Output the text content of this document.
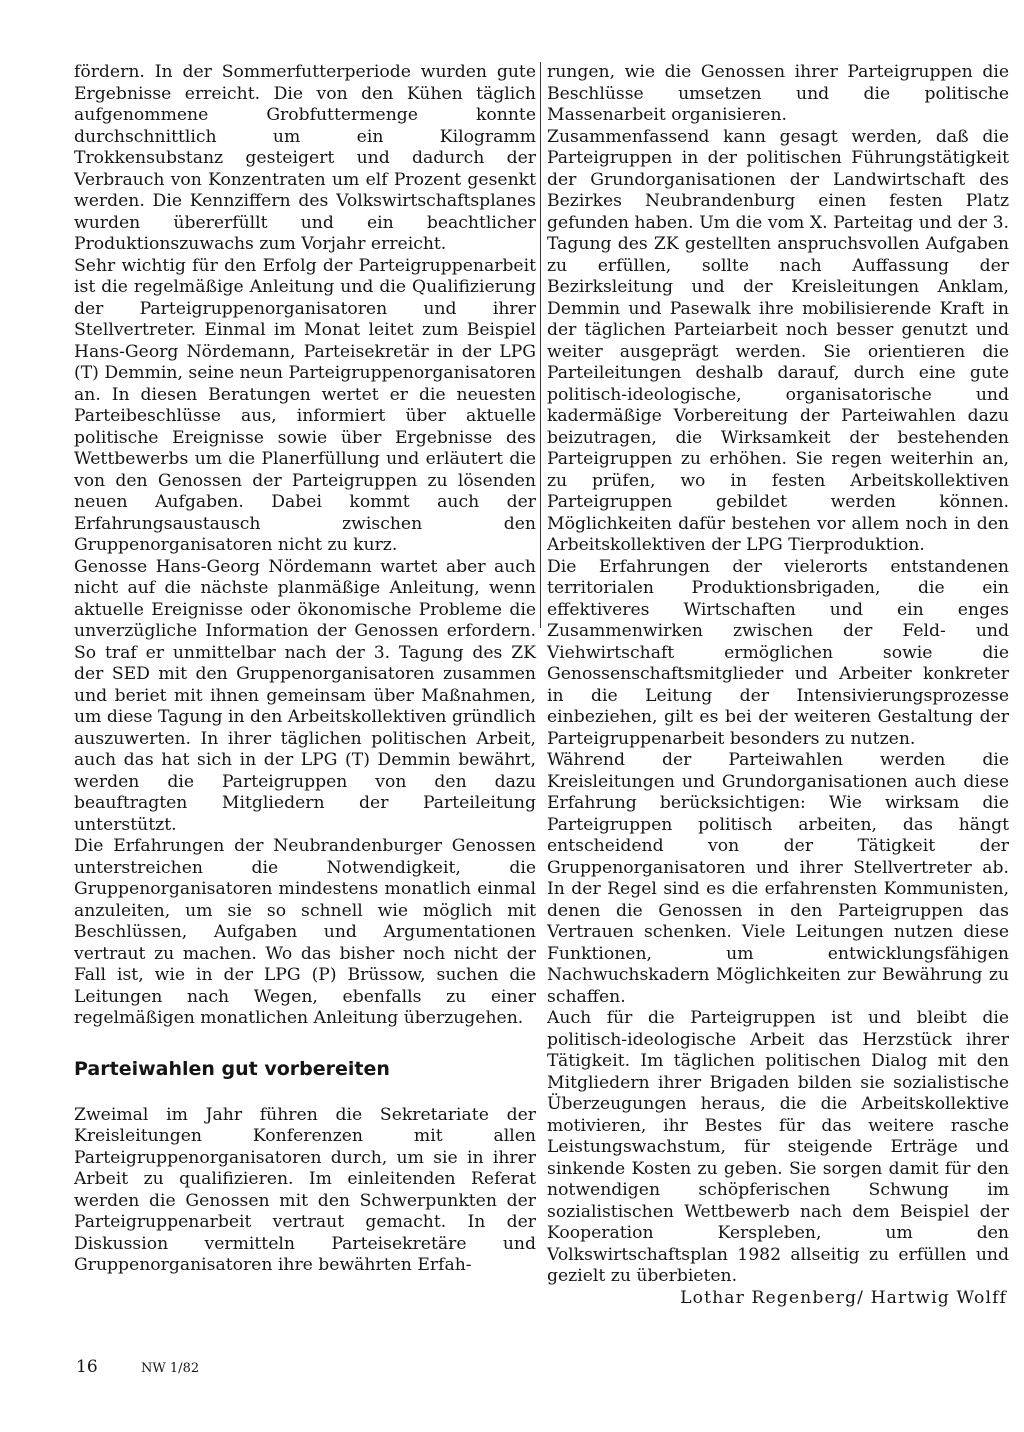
fördern. In der Sommerfutterperiode wurden gute Ergebnisse erreicht. Die von den Kühen täglich aufgenommene Grobfuttermenge konnte durchschnittlich um ein Kilogramm Trokkensubstanz gesteigert und dadurch der Verbrauch von Konzentraten um elf Prozent gesenkt werden. Die Kennziffern des Volkswirtschaftsplanes wurden übererfüllt und ein beachtlicher Produktionszuwachs zum Vorjahr erreicht.

Sehr wichtig für den Erfolg der Parteigruppenarbeit ist die regelmäßige Anleitung und die Qualifizierung der Parteigruppenorganisatoren und ihrer Stellvertreter. Einmal im Monat leitet zum Beispiel Hans-Georg Nördemann, Parteisekretär in der LPG (T) Demmin, seine neun Parteigruppenorganisatoren an. In diesen Beratungen wertet er die neuesten Parteibeschlüsse aus, informiert über aktuelle politische Ereignisse sowie über Ergebnisse des Wettbewerbs um die Planerfüllung und erläutert die von den Genossen der Parteigruppen zu lösenden neuen Aufgaben. Dabei kommt auch der Erfahrungsaustausch zwischen den Gruppenorganisatoren nicht zu kurz.

Genosse Hans-Georg Nördemann wartet aber auch nicht auf die nächste planmäßige Anleitung, wenn aktuelle Ereignisse oder ökonomische Probleme die unverzügliche Information der Genossen erfordern. So traf er unmittelbar nach der 3. Tagung des ZK der SED mit den Gruppenorganisatoren zusammen und beriet mit ihnen gemeinsam über Maßnahmen, um diese Tagung in den Arbeitskollektiven gründlich auszuwerten. In ihrer täglichen politischen Arbeit, auch das hat sich in der LPG (T) Demmin bewährt, werden die Parteigruppen von den dazu beauftragten Mitgliedern der Parteileitung unterstützt.

Die Erfahrungen der Neubrandenburger Genossen unterstreichen die Notwendigkeit, die Gruppenorganisatoren mindestens monatlich einmal anzuleiten, um sie so schnell wie möglich mit Beschlüssen, Aufgaben und Argumentationen vertraut zu machen. Wo das bisher noch nicht der Fall ist, wie in der LPG (P) Brüssow, suchen die Leitungen nach Wegen, ebenfalls zu einer regelmäßigen monatlichen Anleitung überzugehen.

Parteiwahlen gut vorbereiten

Zweimal im Jahr führen die Sekretariate der Kreisleitungen Konferenzen mit allen Parteigruppenorganisatoren durch, um sie in ihrer Arbeit zu qualifizieren. Im einleitenden Referat werden die Genossen mit den Schwerpunkten der Parteigruppenarbeit vertraut gemacht. In der Diskussion vermitteln Parteisekretäre und Gruppenorganisatoren ihre bewährten Erfah-

rungen, wie die Genossen ihrer Parteigruppen die Beschlüsse umsetzen und die politische Massenarbeit organisieren.

Zusammenfassend kann gesagt werden, daß die Parteigruppen in der politischen Führungstätigkeit der Grundorganisationen der Landwirtschaft des Bezirkes Neubrandenburg einen festen Platz gefunden haben. Um die vom X. Parteitag und der 3. Tagung des ZK gestellten anspruchsvollen Aufgaben zu erfüllen, sollte nach Auffassung der Bezirksleitung und der Kreisleitungen Anklam, Demmin und Pasewalk ihre mobilisierende Kraft in der täglichen Parteiarbeit noch besser genutzt und weiter ausgeprägt werden. Sie orientieren die Parteileitungen deshalb darauf, durch eine gute politisch-ideologische, organisatorische und kadermäßige Vorbereitung der Parteiwahlen dazu beizutragen, die Wirksamkeit der bestehenden Parteigruppen zu erhöhen. Sie regen weiterhin an, zu prüfen, wo in festen Arbeitskollektiven Parteigruppen gebildet werden können. Möglichkeiten dafür bestehen vor allem noch in den Arbeitskollektiven der LPG Tierproduktion.

Die Erfahrungen der vielerorts entstandenen territorialen Produktionsbrigaden, die ein effektiveres Wirtschaften und ein enges Zusammenwirken zwischen der Feld- und Viehwirtschaft ermöglichen sowie die Genossenschaftsmitglieder und Arbeiter konkreter in die Leitung der Intensivierungsprozesse einbeziehen, gilt es bei der weiteren Gestaltung der Parteigruppenarbeit besonders zu nutzen.

Während der Parteiwahlen werden die Kreisleitungen und Grundorganisationen auch diese Erfahrung berücksichtigen: Wie wirksam die Parteigruppen politisch arbeiten, das hängt entscheidend von der Tätigkeit der Gruppenorganisatoren und ihrer Stellvertreter ab. In der Regel sind es die erfahrensten Kommunisten, denen die Genossen in den Parteigruppen das Vertrauen schenken. Viele Leitungen nutzen diese Funktionen, um entwicklungsfähigen Nachwuchskadern Möglichkeiten zur Bewährung zu schaffen.

Auch für die Parteigruppen ist und bleibt die politisch-ideologische Arbeit das Herzstück ihrer Tätigkeit. Im täglichen politischen Dialog mit den Mitgliedern ihrer Brigaden bilden sie sozialistische Überzeugungen heraus, die die Arbeitskollektive motivieren, ihr Bestes für das weitere rasche Leistungswachstum, für steigende Erträge und sinkende Kosten zu geben. Sie sorgen damit für den notwendigen schöpferischen Schwung im sozialistischen Wettbewerb nach dem Beispiel der Kooperation Kerspleben, um den Volkswirtschaftsplan 1982 allseitig zu erfüllen und gezielt zu überbieten.

Lothar Regenberg/ Hartwig Wolff

16	NW 1/82
